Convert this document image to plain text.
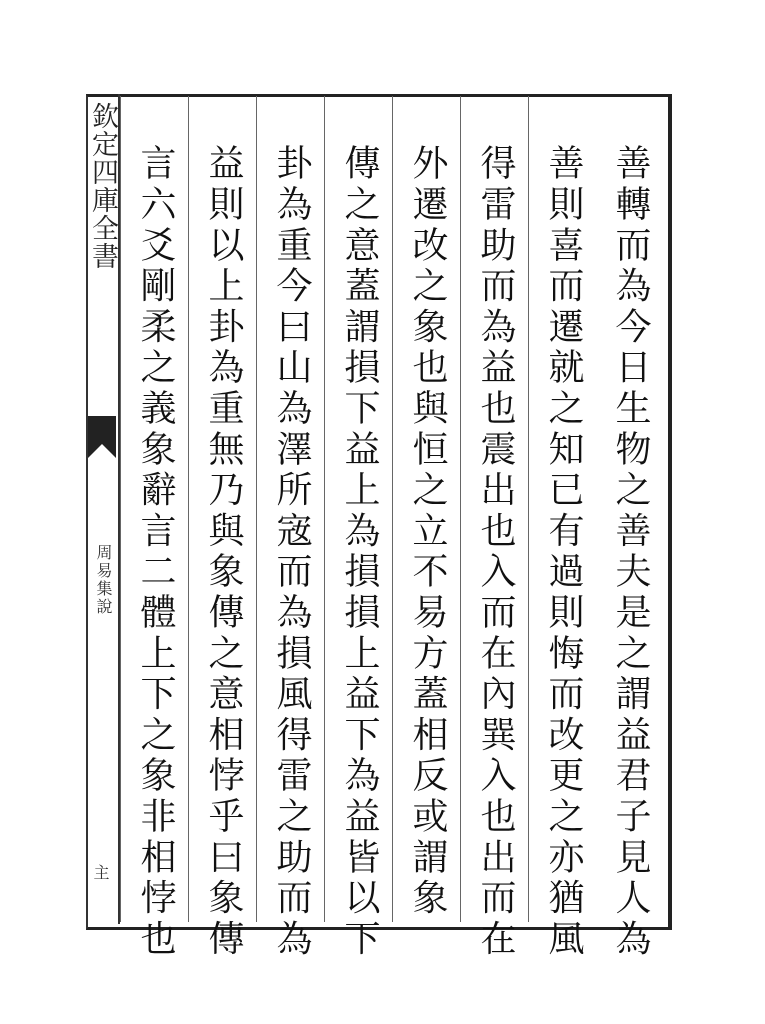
欽定四庫全書
周易集說
主	善轉而為今日生物之善夫是之謂益君子見人為
善則喜而遷就之知已有過則悔而改更之亦猶風
得雷助而為益也震出也入而在內巽入也出而在
外遷改之象也與恒之立不易方蓋相反或謂象
傳之意蓋謂損下益上為損損上益下為益皆以下
卦為重今曰山為澤所宼而為損風得雷之助而為
益則以上卦為重無乃與象傳之意相悖乎曰象傳
言六爻剛柔之義象辭言二體上下之象非相悖也
